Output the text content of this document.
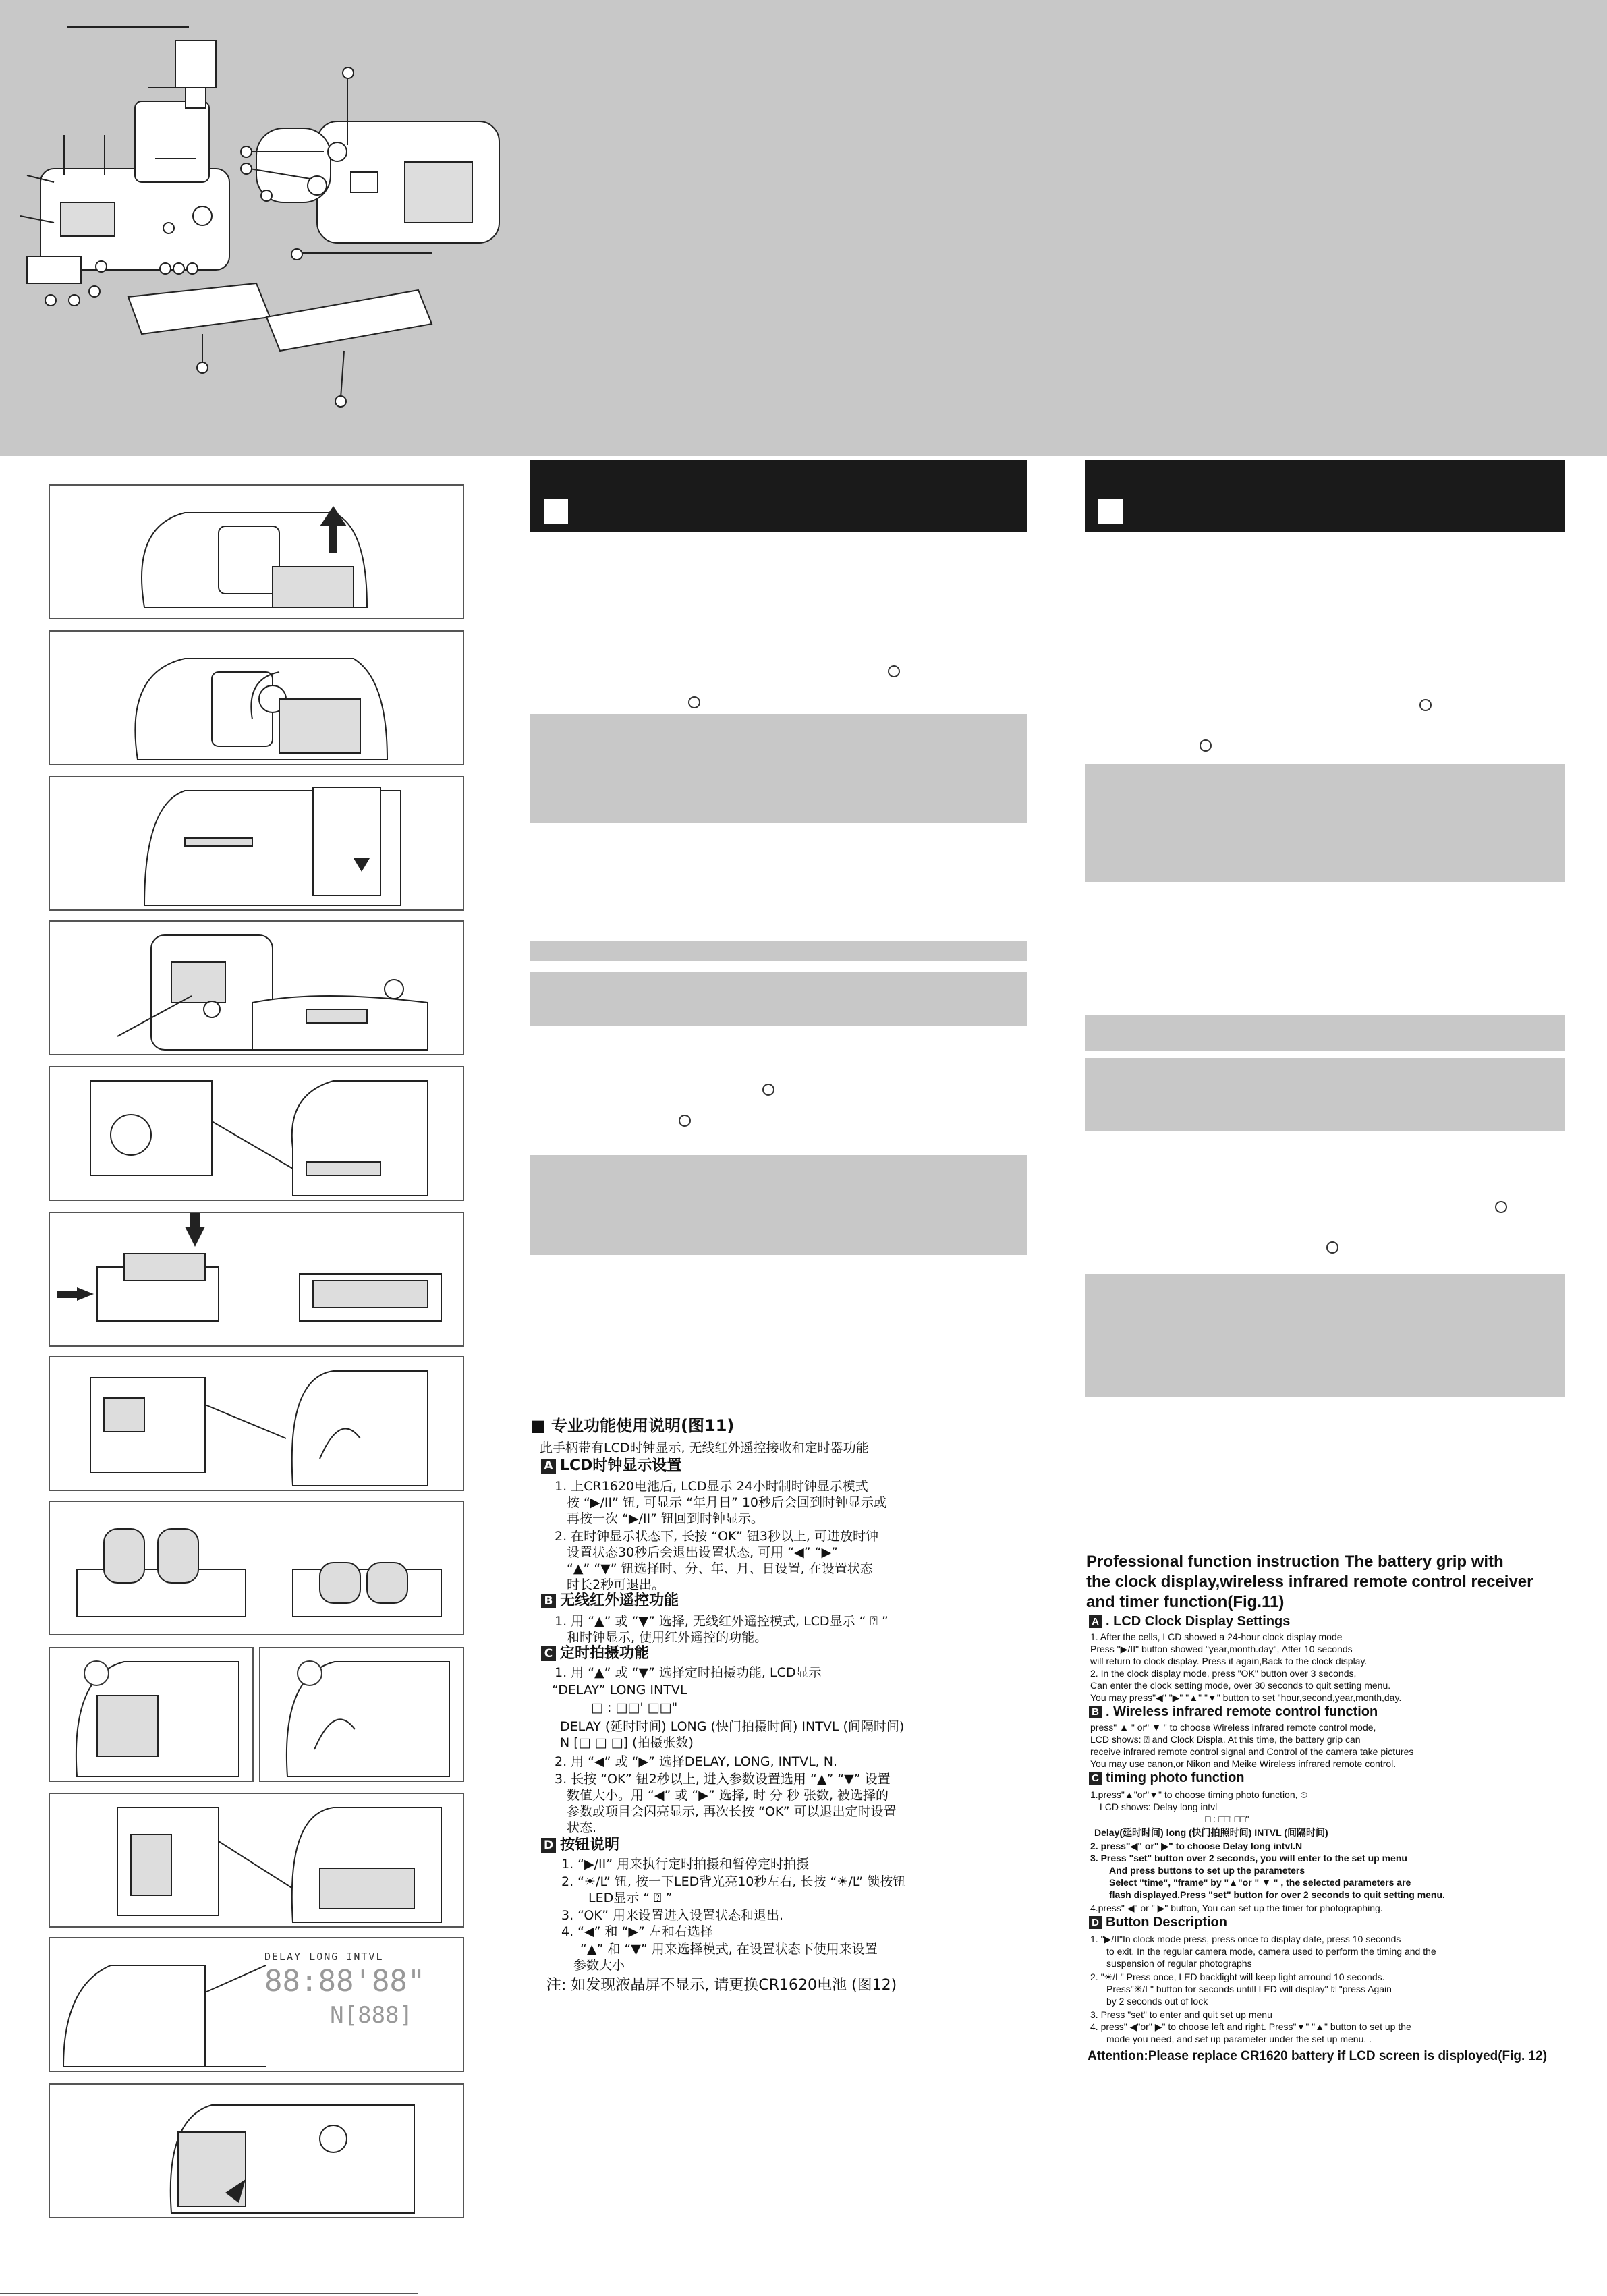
DELAY LONG INTVL
88:88'88"
N[888]
■ 专业功能使用说明(图11)
此手柄带有LCD时钟显示, 无线红外遥控接收和定时器功能
A LCD时钟显示设置
1. 上CR1620电池后, LCD显示 24小时制时钟显示模式
按 “▶/II” 钮, 可显示 “年月日” 10秒后会回到时钟显示或
再按一次 “▶/II” 钮回到时钟显示。
2. 在时钟显示状态下, 长按 “OK” 钮3秒以上, 可进放时钟
设置状态30秒后会退出设置状态, 可用 “◀” “▶”
“▲” “▼” 钮选择时、分、年、月、日设置, 在设置状态
时长2秒可退出。
B 无线红外遥控功能
1. 用 “▲” 或 “▼” 选择, 无线红外遥控模式, LCD显示 “ ⍰ ”
和时钟显示, 使用红外遥控的功能。
C 定时拍摄功能
1. 用 “▲” 或 “▼” 选择定时拍摄功能, LCD显示
“DELAY” LONG INTVL
□ : □□' □□"
DELAY (延时时间) LONG (快门拍摄时间) INTVL (间隔时间)
N [□ □ □] (拍摄张数)
2. 用 “◀” 或 “▶” 选择DELAY, LONG, INTVL, N.
3. 长按 “OK” 钮2秒以上, 进入参数设置选用 “▲” “▼” 设置
数值大小。用 “◀” 或 “▶” 选择, 时 分 秒 张数, 被选择的
参数或项目会闪亮显示, 再次长按 “OK” 可以退出定时设置
状态.
D 按钮说明
1. “▶/II” 用来执行定时拍摄和暂停定时拍摄
2. “☀/L” 钮, 按一下LED背光亮10秒左右, 长按 “☀/L” 锁按钮
LED显示 “ ⍰ ”
3. “OK” 用来设置进入设置状态和退出.
4. “◀” 和 “▶” 左和右选择
“▲” 和 “▼” 用来选择模式, 在设置状态下使用来设置
参数大小
注: 如发现液晶屏不显示, 请更换CR1620电池 (图12)
Professional function instruction The battery grip with
the clock display,wireless infrared remote control receiver
and timer function(Fig.11)
A . LCD Clock Display Settings
1. After the cells, LCD showed a 24-hour clock display mode
Press "▶/II" button showed "year,month.day", After 10 seconds
will return to clock display. Press it again,Back to the clock display.
2. In the clock display mode, press "OK" button over 3 seconds,
Can enter the clock setting mode, over 30 seconds to quit setting menu.
You may press"◀" "▶" "▲" "▼" button to set "hour,second,year,month,day.
B . Wireless infrared remote control function
press" ▲ " or" ▼ " to choose Wireless infrared remote control mode,
LCD shows: ⍰ and Clock Displa. At this time, the battery grip can
receive infrared remote control signal and Control of the camera take pictures
You may use canon,or Nikon and Meike Wireless infrared remote control.
C timing photo function
1.press"▲"or"▼" to choose timing photo function, ⏲
LCD shows: Delay long intvl
□ : □□' □□"
Delay(延时时间) long (快门拍照时间) INTVL (间隔时间)
2. press"◀" or" ▶" to choose Delay long intvl.N
3. Press "set" button over 2 seconds, you will enter to the set up menu
And press buttons to set up the parameters
Select "time", "frame" by "▲"or " ▼ " , the selected parameters are
flash displayed.Press "set" button for over 2 seconds to quit setting menu.
4.press" ◀" or " ▶" button, You can set up the timer for photographing.
D Button Description
1. "▶/II"In clock mode press, press once to display date, press 10 seconds
to exit. In the regular camera mode, camera used to perform the timing and the
suspension of regular photographs
2. "☀/L" Press once, LED backlight will keep light arround 10 seconds.
Press"☀/L" button for seconds untill LED will display" ⍰ "press Again
by 2 seconds out of lock
3. Press "set" to enter and quit set up menu
4. press" ◀"or" ▶" to choose left and right. Press"▼" "▲" button to set up the
mode you need, and set up parameter under the set up menu. .
Attention:Please replace CR1620 battery if LCD screen is disployed(Fig. 12)
